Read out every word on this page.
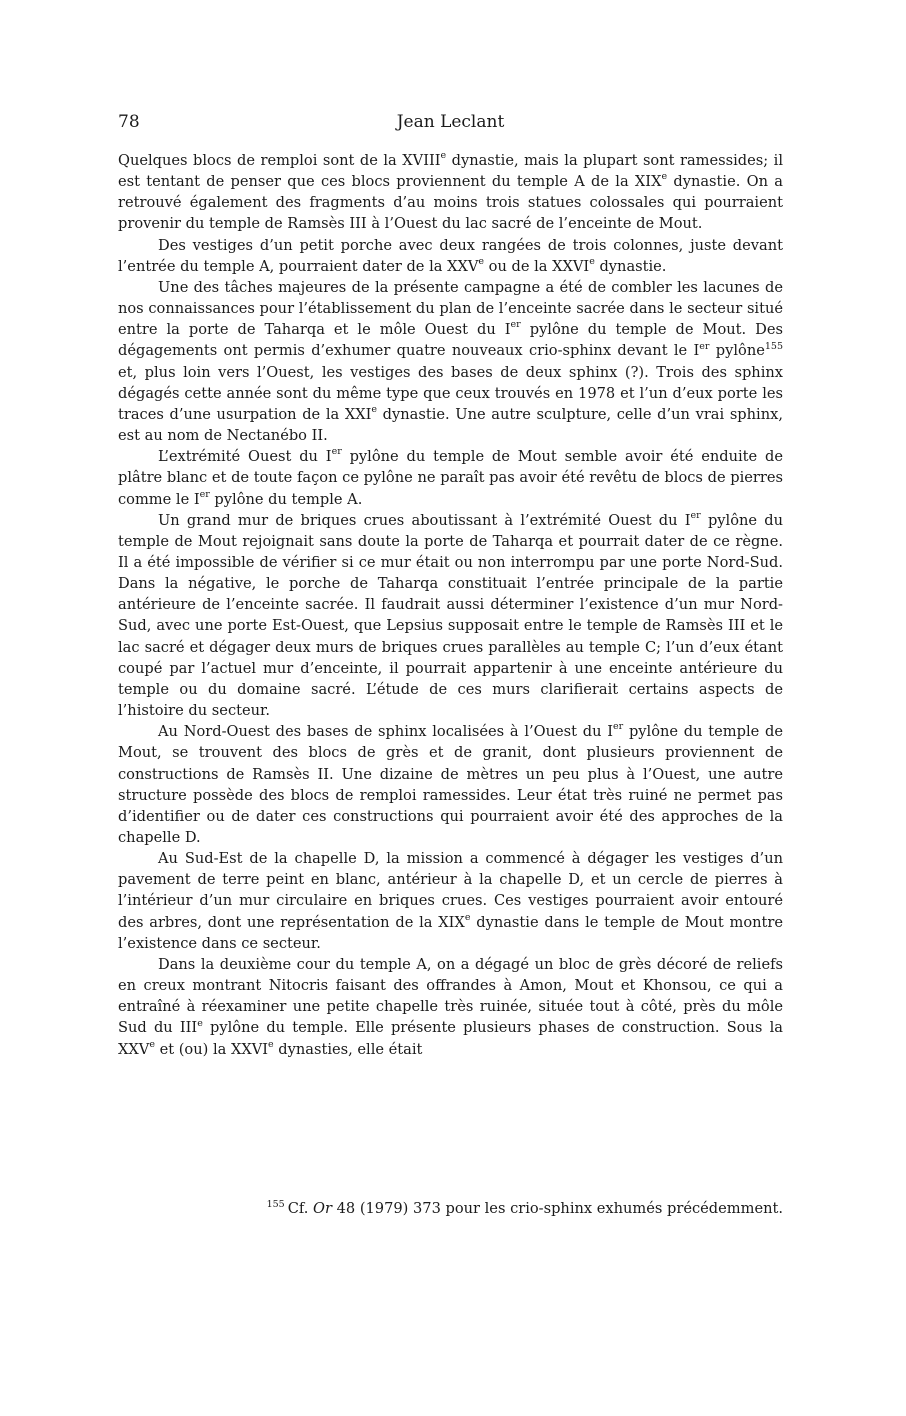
78	Jean Leclant

Quelques blocs de remploi sont de la XVIIIe dynastie, mais la plupart sont ramessides; il est tentant de penser que ces blocs proviennent du temple A de la XIXe dynastie. On a retrouvé également des fragments d’au moins trois statues colossales qui pourraient provenir du temple de Ramsès III à l’Ouest du lac sacré de l’enceinte de Mout.

Des vestiges d’un petit porche avec deux rangées de trois colonnes, juste devant l’entrée du temple A, pourraient dater de la XXVe ou de la XXVIe dynastie.

Une des tâches majeures de la présente campagne a été de combler les lacunes de nos connaissances pour l’établissement du plan de l’enceinte sacrée dans le secteur situé entre la porte de Taharqa et le môle Ouest du Ier pylône du temple de Mout. Des dégagements ont permis d’exhumer quatre nouveaux crio-sphinx devant le Ier pylône$^{155}$ et, plus loin vers l’Ouest, les vestiges des bases de deux sphinx (?). Trois des sphinx dégagés cette année sont du même type que ceux trouvés en 1978 et l’un d’eux porte les traces d’une usurpation de la XXIe dynastie. Une autre sculpture, celle d’un vrai sphinx, est au nom de Nectanébo II.

L’extrémité Ouest du Ier pylône du temple de Mout semble avoir été enduite de plâtre blanc et de toute façon ce pylône ne paraît pas avoir été revêtu de blocs de pierres comme le Ier pylône du temple A.

Un grand mur de briques crues aboutissant à l’extrémité Ouest du Ier pylône du temple de Mout rejoignait sans doute la porte de Taharqa et pourrait dater de ce règne. Il a été impossible de vérifier si ce mur était ou non interrompu par une porte Nord-Sud. Dans la négative, le porche de Taharqa constituait l’entrée principale de la partie antérieure de l’enceinte sacrée. Il faudrait aussi déterminer l’existence d’un mur Nord-Sud, avec une porte Est-Ouest, que Lepsius supposait entre le temple de Ramsès III et le lac sacré et dégager deux murs de briques crues parallèles au temple C; l’un d’eux étant coupé par l’actuel mur d’enceinte, il pourrait appartenir à une enceinte antérieure du temple ou du domaine sacré. L’étude de ces murs clarifierait certains aspects de l’histoire du secteur.

Au Nord-Ouest des bases de sphinx localisées à l’Ouest du Ier pylône du temple de Mout, se trouvent des blocs de grès et de granit, dont plusieurs proviennent de constructions de Ramsès II. Une dizaine de mètres un peu plus à l’Ouest, une autre structure possède des blocs de remploi ramessides. Leur état très ruiné ne permet pas d’identifier ou de dater ces constructions qui pourraient avoir été des approches de la chapelle D.

Au Sud-Est de la chapelle D, la mission a commencé à dégager les vestiges d’un pavement de terre peint en blanc, antérieur à la chapelle D, et un cercle de pierres à l’intérieur d’un mur circulaire en briques crues. Ces vestiges pourraient avoir entouré des arbres, dont une représentation de la XIXe dynastie dans le temple de Mout montre l’existence dans ce secteur.

Dans la deuxième cour du temple A, on a dégagé un bloc de grès décoré de reliefs en creux montrant Nitocris faisant des offrandes à Amon, Mout et Khonsou, ce qui a entraîné à réexaminer une petite chapelle très ruinée, située tout à côté, près du môle Sud du IIIe pylône du temple. Elle présente plusieurs phases de construction. Sous la XXVe et (ou) la XXVIe dynasties, elle était

$^{155}$ Cf. Or 48 (1979) 373 pour les crio-sphinx exhumés précédemment.
